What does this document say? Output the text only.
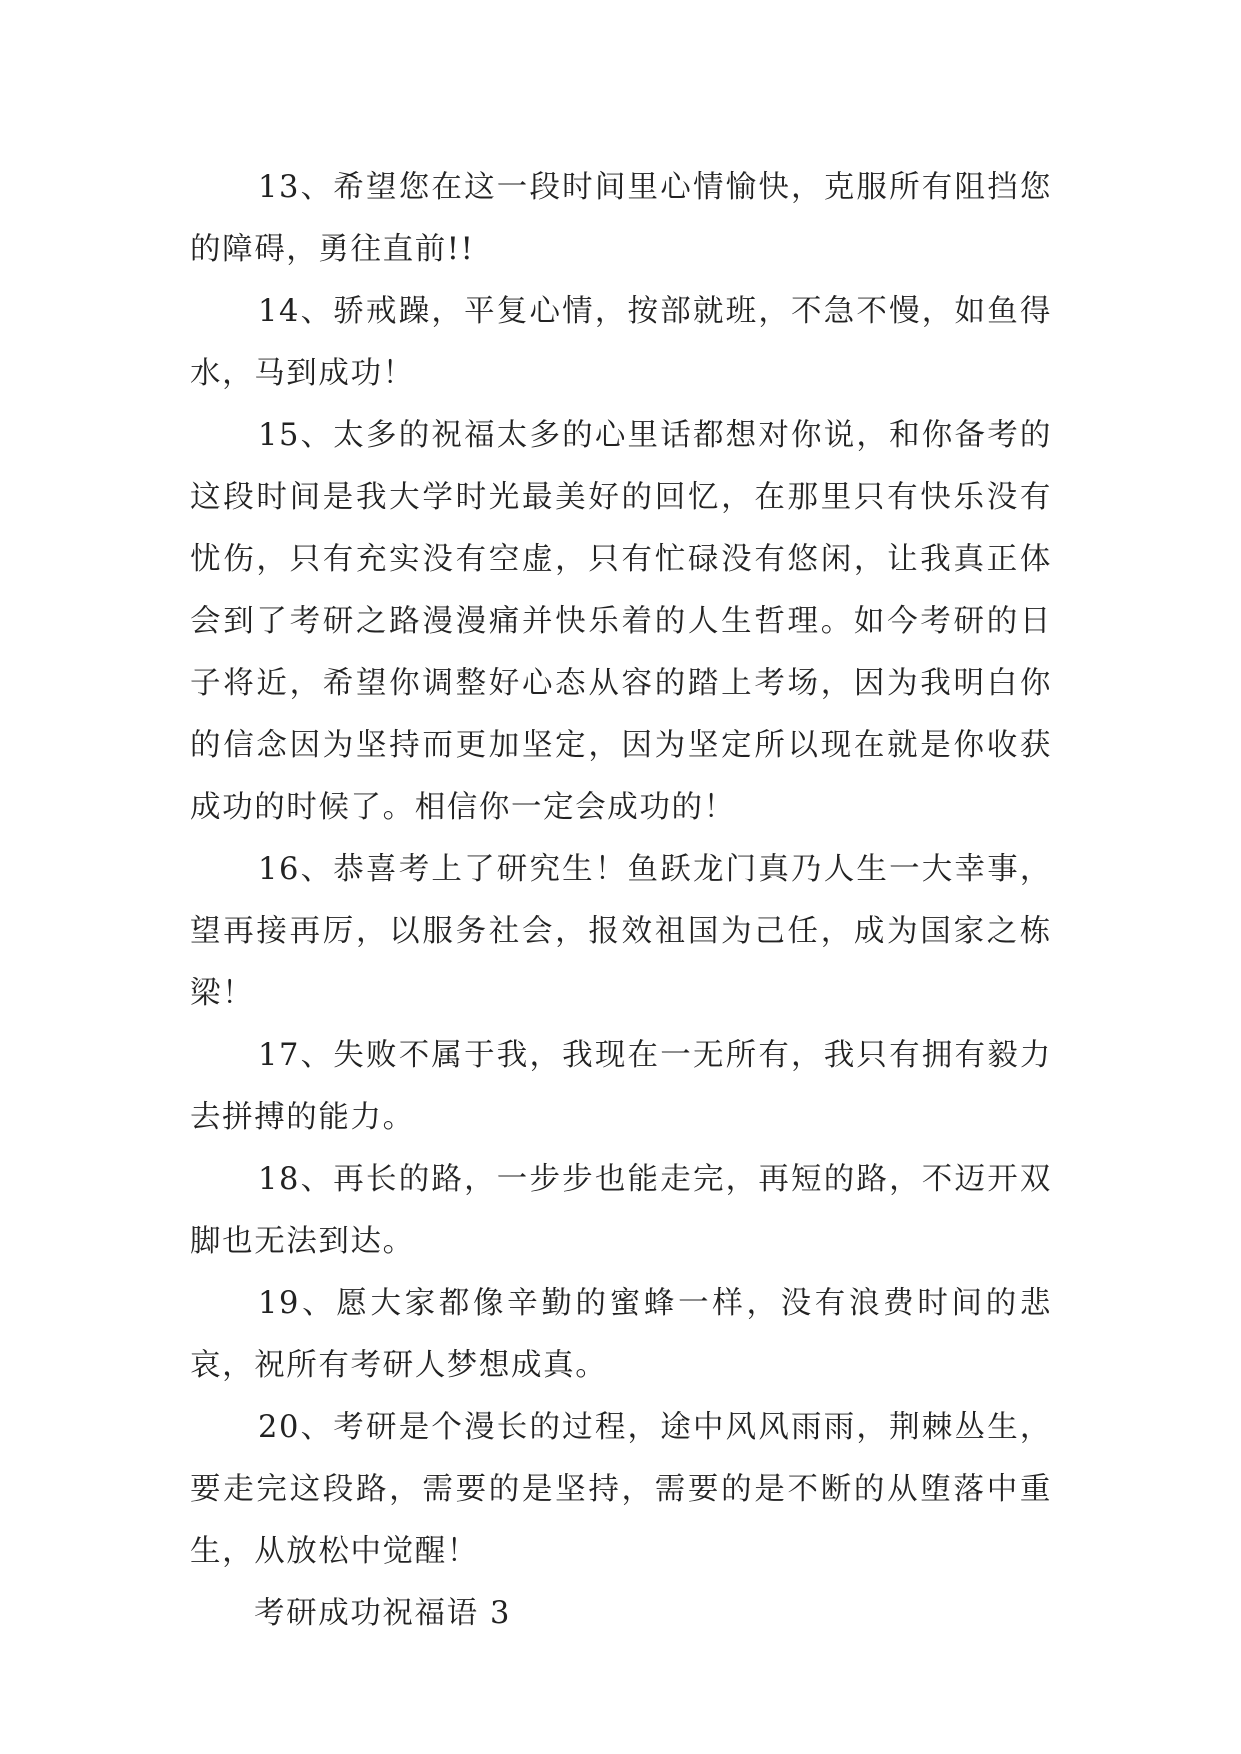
13、希望您在这一段时间里心情愉快，克服所有阻挡您的障碍，勇往直前!!

14、骄戒躁，平复心情，按部就班，不急不慢，如鱼得水，马到成功！

15、太多的祝福太多的心里话都想对你说，和你备考的这段时间是我大学时光最美好的回忆，在那里只有快乐没有忧伤，只有充实没有空虚，只有忙碌没有悠闲，让我真正体会到了考研之路漫漫痛并快乐着的人生哲理。如今考研的日子将近，希望你调整好心态从容的踏上考场，因为我明白你的信念因为坚持而更加坚定，因为坚定所以现在就是你收获成功的时候了。相信你一定会成功的！

16、恭喜考上了研究生！鱼跃龙门真乃人生一大幸事，望再接再厉，以服务社会，报效祖国为己任，成为国家之栋梁！

17、失败不属于我，我现在一无所有，我只有拥有毅力去拼搏的能力。

18、再长的路，一步步也能走完，再短的路，不迈开双脚也无法到达。

19、愿大家都像辛勤的蜜蜂一样，没有浪费时间的悲哀，祝所有考研人梦想成真。

20、考研是个漫长的过程，途中风风雨雨，荆棘丛生，要走完这段路，需要的是坚持，需要的是不断的从堕落中重生，从放松中觉醒！

考研成功祝福语 3
